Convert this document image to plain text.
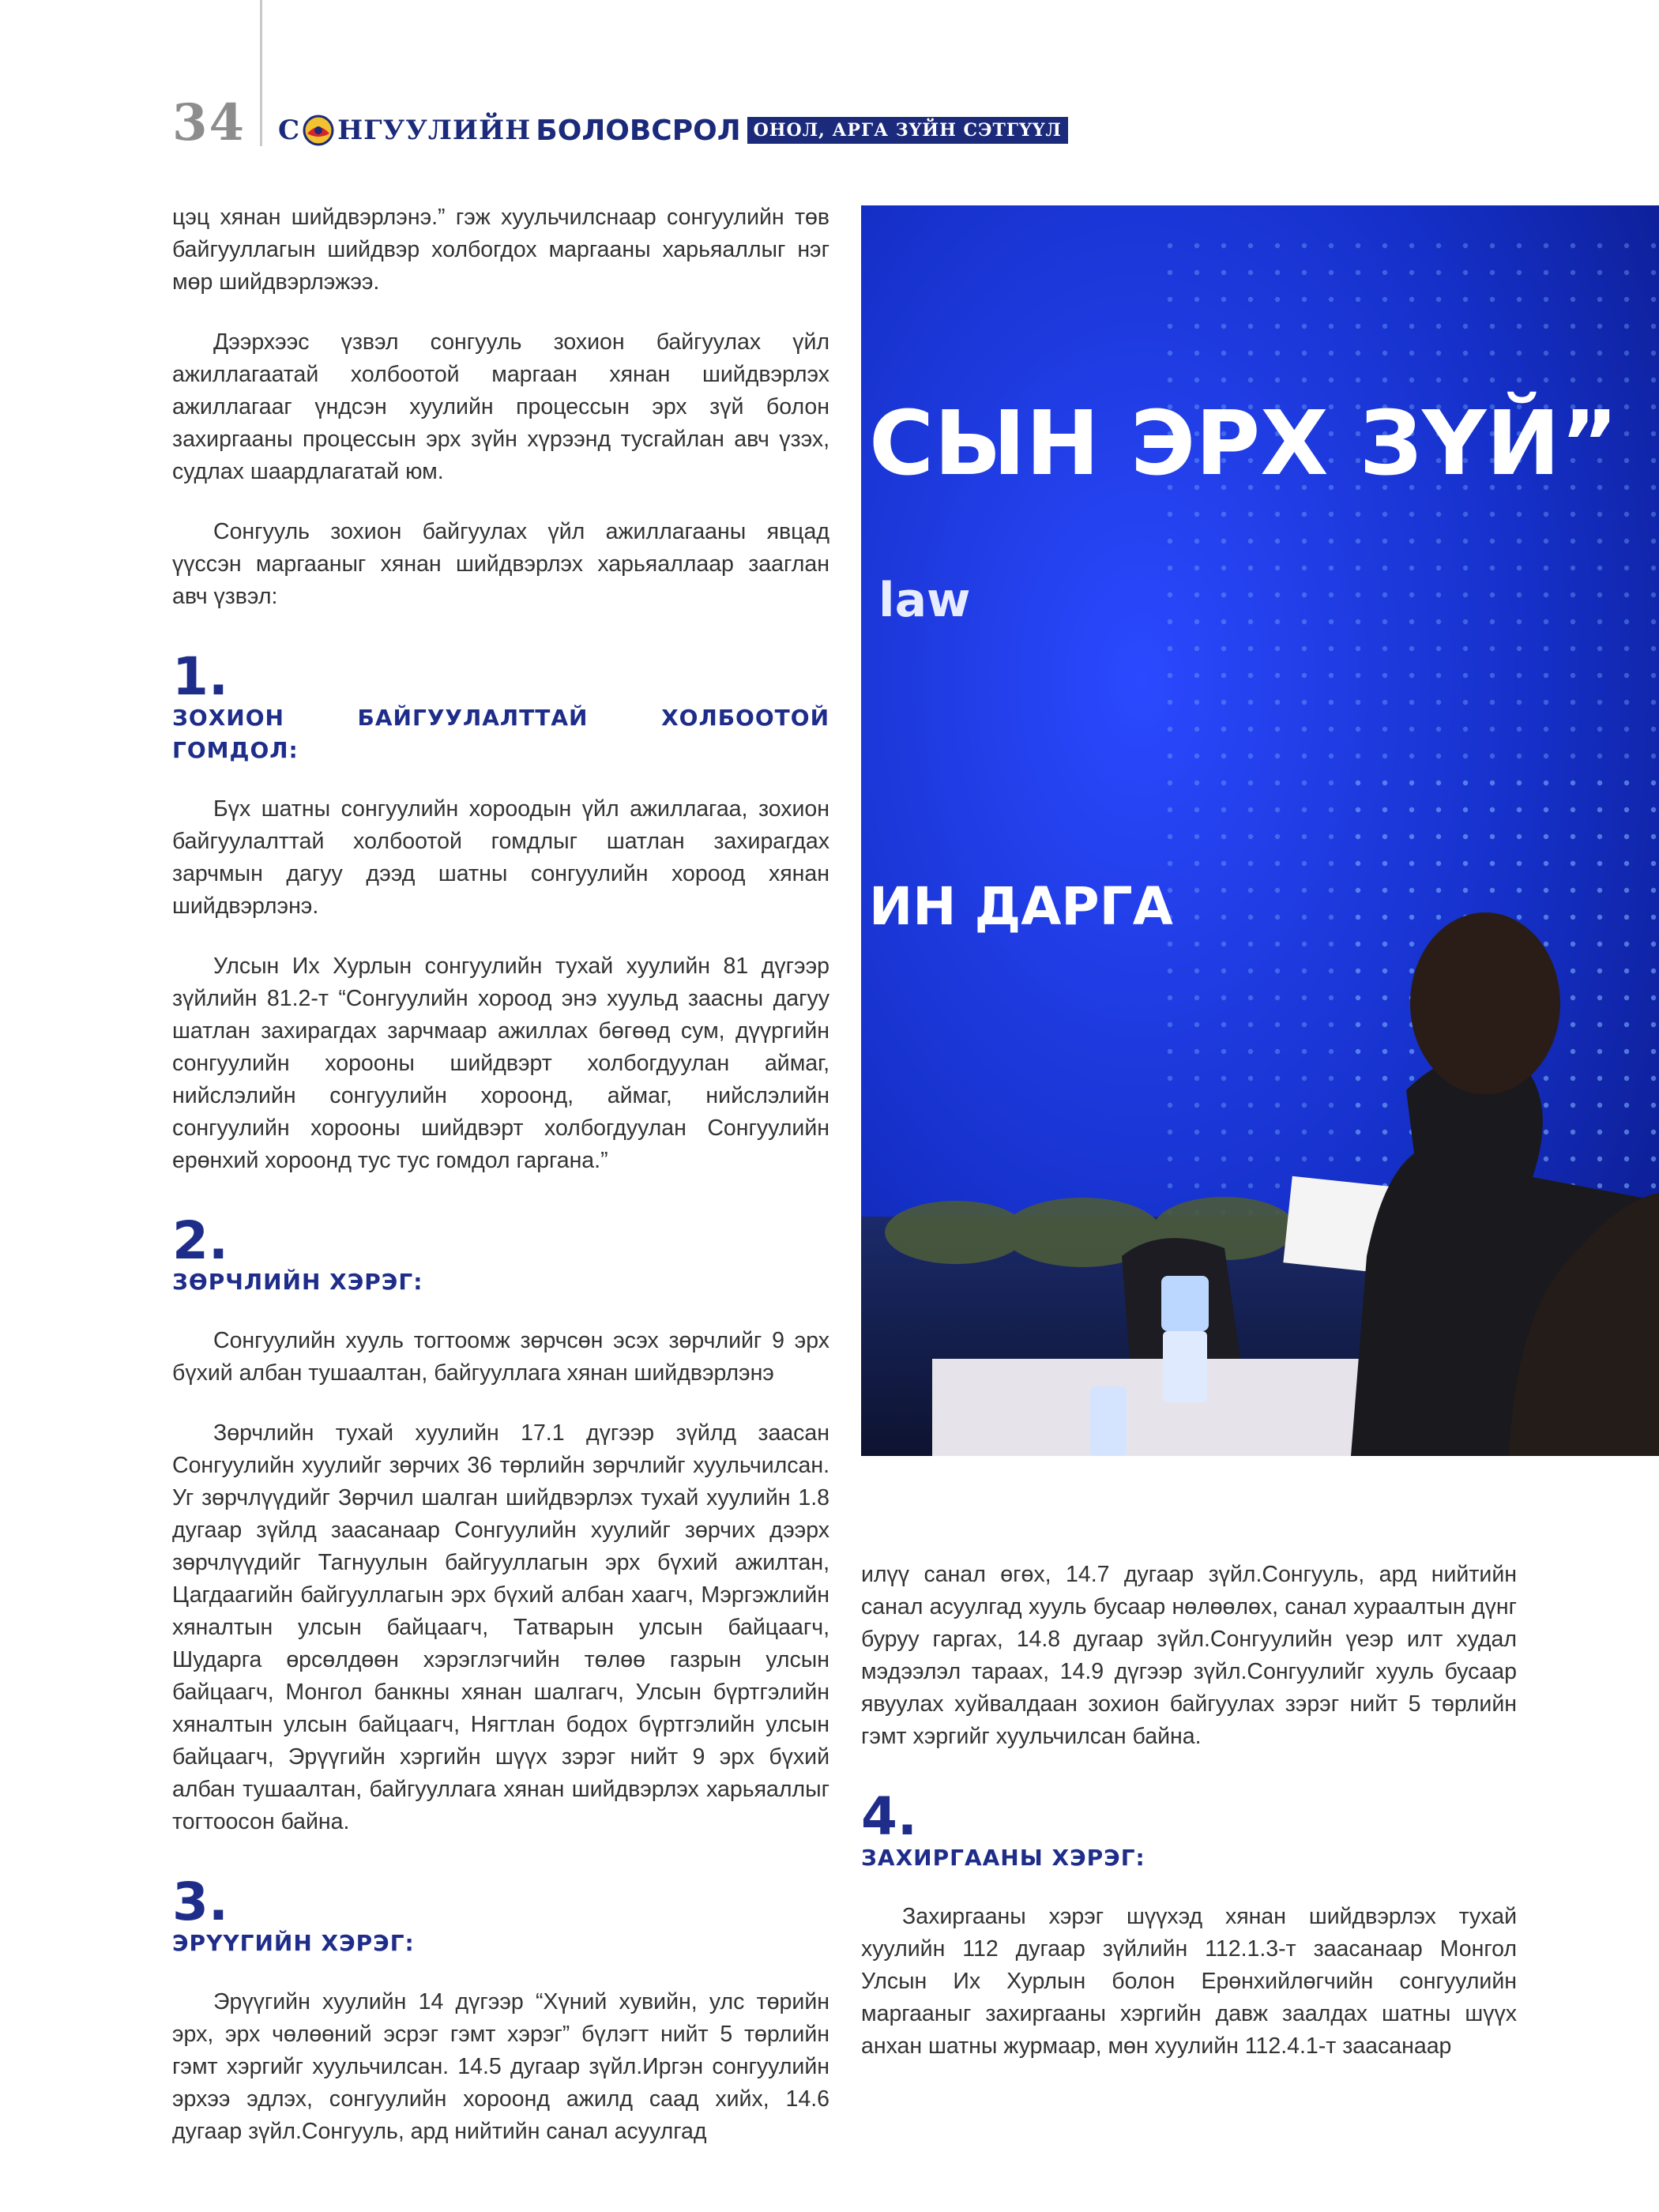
34 С НГУУЛИЙН БОЛОВСРОЛ ОНОЛ, АРГА ЗҮЙН СЭТГҮҮЛ

цэц хянан шийдвэрлэнэ.” гэж хуульчилснаар сонгуулийн төв байгууллагын шийдвэр холбогдох маргааны харьяаллыг нэг мөр шийдвэрлэжээ.

Дээрхээс үзвэл сонгууль зохион байгуулах үйл ажиллагаатай холбоотой маргаан хянан шийдвэрлэх ажиллагааг үндсэн хуулийн процессын эрх зүй болон захиргааны процессын эрх зүйн хүрээнд тусгайлан авч үзэх, судлах шаардлагатай юм.

Сонгууль зохион байгуулах үйл ажиллагааны явцад үүссэн маргааныг хянан шийдвэрлэх харьяаллаар зааглан авч үзвэл:

1.
ЗОХИОН БАЙГУУЛАЛТТАЙ ХОЛБООТОЙ ГОМДОЛ:

Бүх шатны сонгуулийн хороодын үйл ажиллагаа, зохион байгуулалттай холбоотой гомдлыг шатлан захирагдах зарчмын дагуу дээд шатны сонгуулийн хороод хянан шийдвэрлэнэ.

Улсын Их Хурлын сонгуулийн тухай хуулийн 81 дүгээр зүйлийн 81.2-т “Сонгуулийн хороод энэ хуульд заасны дагуу шатлан захирагдах зарчмаар ажиллах бөгөөд сум, дүүргийн сонгуулийн хорооны шийдвэрт холбогдуулан аймаг, нийслэлийн сонгуулийн хороонд, аймаг, нийслэлийн сонгуулийн хорооны шийдвэрт холбогдуулан Сонгуулийн ерөнхий хороонд тус тус гомдол гаргана.”

2.
ЗӨРЧЛИЙН ХЭРЭГ:

Сонгуулийн хууль тогтоомж зөрчсөн эсэх зөрчлийг 9 эрх бүхий албан тушаалтан, байгууллага хянан шийдвэрлэнэ

Зөрчлийн тухай хуулийн 17.1 дүгээр зүйлд заасан Сонгуулийн хуулийг зөрчих 36 төрлийн зөрчлийг хуульчилсан. Уг зөрчлүүдийг Зөрчил шалган шийдвэрлэх тухай хуулийн 1.8 дугаар зүйлд заасанаар Сонгуулийн хуулийг зөрчих дээрх зөрчлүүдийг Тагнуулын байгууллагын эрх бүхий ажилтан, Цагдаагийн байгууллагын эрх бүхий албан хаагч, Мэргэжлийн хяналтын улсын байцаагч, Татварын улсын байцаагч, Шударга өрсөлдөөн хэрэглэгчийн төлөө газрын улсын байцаагч, Монгол банкны хянан шалгагч, Улсын бүртгэлийн хяналтын улсын байцаагч, Нягтлан бодох бүртгэлийн улсын байцаагч, Эрүүгийн хэргийн шүүх зэрэг нийт 9 эрх бүхий албан тушаалтан, байгууллага хянан шийдвэрлэх харьяаллыг тогтоосон байна.

3.
ЭРҮҮГИЙН ХЭРЭГ:

Эрүүгийн хуулийн 14 дүгээр “Хүний хувийн, улс төрийн эрх, эрх чөлөөний эсрэг гэмт хэрэг” бүлэгт нийт 5 төрлийн гэмт хэргийг хуульчилсан. 14.5 дугаар зүйл.Иргэн сонгуулийн эрхээ эдлэх, сонгуулийн хороонд ажилд саад хийх, 14.6 дугаар зүйл.Сонгууль, ард нийтийн санал асуулгад

СЫН ЭРХ ЗҮЙ”
law
ИН ДАРГА

илүү санал өгөх, 14.7 дугаар зүйл.Сонгууль, ард нийтийн санал асуулгад хууль бусаар нөлөөлөх, санал хураалтын дүнг буруу гаргах, 14.8 дугаар зүйл.Сонгуулийн үеэр илт худал мэдээлэл тараах, 14.9 дүгээр зүйл.Сонгуулийг хууль бусаар явуулах хуйвалдаан зохион байгуулах зэрэг нийт 5 төрлийн гэмт хэргийг хуульчилсан байна.

4.
ЗАХИРГААНЫ ХЭРЭГ:

Захиргааны хэрэг шүүхэд хянан шийдвэрлэх тухай хуулийн 112 дугаар зүйлийн 112.1.3-т заасанаар Монгол Улсын Их Хурлын болон Ерөнхийлөгчийн сонгуулийн маргааныг захиргааны хэргийн давж заалдах шатны шүүх анхан шатны журмаар, мөн хуулийн 112.4.1-т заасанаар
